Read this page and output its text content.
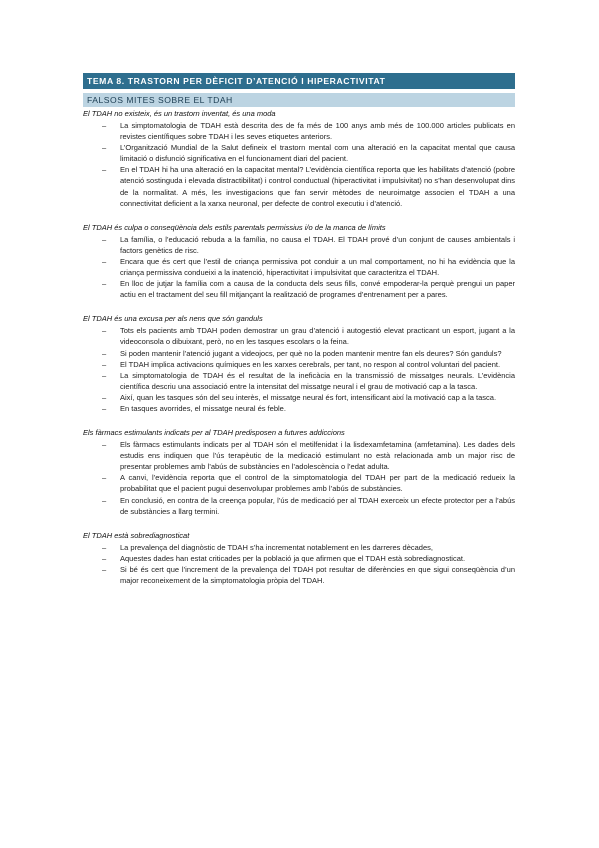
TEMA 8. TRASTORN PER DÈFICIT D’ATENCIÓ I HIPERACTIVITAT
FALSOS MITES SOBRE EL TDAH

El TDAH no existeix, és un trastorn inventat, és una moda

– La simptomatologia de TDAH està descrita des de fa més de 100 anys amb més de 100.000 articles publicats en revistes científiques sobre TDAH i les seves etiquetes anteriors.
– L’Organització Mundial de la Salut defineix el trastorn mental com una alteració en la capacitat mental que causa limitació o disfunció significativa en el funcionament diari del pacient.
– En el TDAH hi ha una alteració en la capacitat mental? L’evidència científica reporta que les habilitats d’atenció (pobre atenció sostinguda i elevada distractibilitat) i control conductual (hiperactivitat i impulsivitat) no s’han desenvolupat dins de la normalitat. A més, les investigacions que fan servir mètodes de neuroimatge associen el TDAH a una connectivitat deficient a la xarxa neuronal, per defecte de control executiu i d’atenció.

El TDAH és culpa o conseqüència dels estils parentals permissius i/o de la manca de límits

– La família, o l’educació rebuda a la família, no causa el TDAH. El TDAH prové d’un conjunt de causes ambientals i factors genètics de risc.
– Encara que és cert que l’estil de criança permissiva pot conduir a un mal comportament, no hi ha evidència que la criança permissiva condueixi a la inatenció, hiperactivitat i impulsivitat que caracteritza el TDAH.
– En lloc de jutjar la família com a causa de la conducta dels seus fills, convé empoderar-la perquè prengui un paper actiu en el tractament del seu fill mitjançant la realització de programes d’entrenament per a pares.

El TDAH és una excusa per als nens que són ganduls

– Tots els pacients amb TDAH poden demostrar un grau d’atenció i autogestió elevat practicant un esport, jugant a la videoconsola o dibuixant, però, no en les tasques escolars o la feina.
– Si poden mantenir l’atenció jugant a videojocs, per què no la poden mantenir mentre fan els deures? Són ganduls?
– El TDAH implica activacions químiques en les xarxes cerebrals, per tant, no respon al control voluntari del pacient.
– La simptomatologia de TDAH és el resultat de la ineficàcia en la transmissió de missatges neurals. L’evidència científica descriu una associació entre la intensitat del missatge neural i el grau de motivació cap a la tasca.
– Així, quan les tasques són del seu interès, el missatge neural és fort, intensificant així la motivació cap a la tasca.
– En tasques avorrides, el missatge neural és feble.

Els fàrmacs estimulants indicats per al TDAH predisposen a futures addiccions

– Els fàrmacs estimulants indicats per al TDAH són el metilfenidat i la lisdexamfetamina (amfetamina). Les dades dels estudis ens indiquen que l’ús terapèutic de la medicació estimulant no està relacionada amb un major risc de presentar problemes amb l’abús de substàncies en l’adolescència o l’edat adulta.
– A canvi, l’evidència reporta que el control de la simptomatologia del TDAH per part de la medicació redueix la probabilitat que el pacient pugui desenvolupar problemes amb l’abús de substàncies.
– En conclusió, en contra de la creença popular, l’ús de medicació per al TDAH exerceix un efecte protector per a l’abús de substàncies a llarg termini.

El TDAH està sobrediagnosticat

– La prevalença del diagnòstic de TDAH s’ha incrementat notablement en les darreres dècades,
– Aquestes dades han estat criticades per la població ja que afirmen que el TDAH està sobrediagnosticat.
– Si bé és cert que l’increment de la prevalença del TDAH pot resultar de diferències en que sigui conseqüència d’un major reconeixement de la simptomatologia pròpia del TDAH.
